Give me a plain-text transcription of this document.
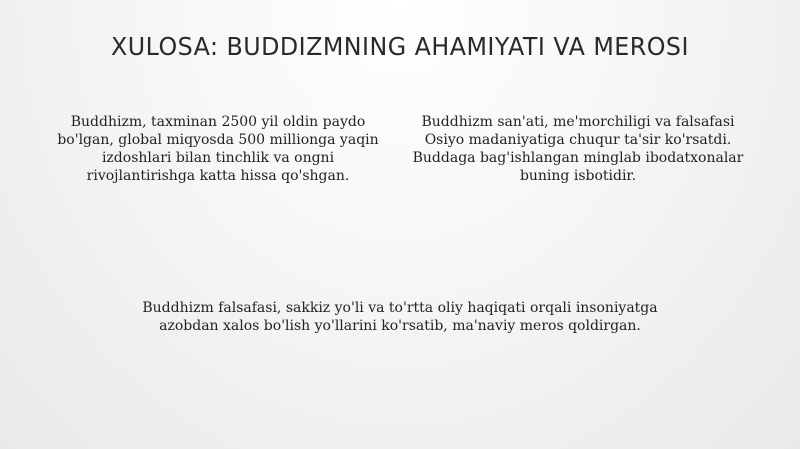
XULOSA: BUDDIZMNING AHAMIYATI VA MEROSI

Buddhizm, taxminan 2500 yil oldin paydo bo'lgan, global miqyosda 500 millionga yaqin izdoshlari bilan tinchlik va ongni rivojlantirishga katta hissa qo'shgan.

Buddhizm san'ati, me'morchiligi va falsafasi Osiyo madaniyatiga chuqur ta'sir ko'rsatdi. Buddaga bag'ishlangan minglab ibodatxonalar buning isbotidir.

Buddhizm falsafasi, sakkiz yo'li va to'rtta oliy haqiqati orqali insoniyatga azobdan xalos bo'lish yo'llarini ko'rsatib, ma'naviy meros qoldirgan.
